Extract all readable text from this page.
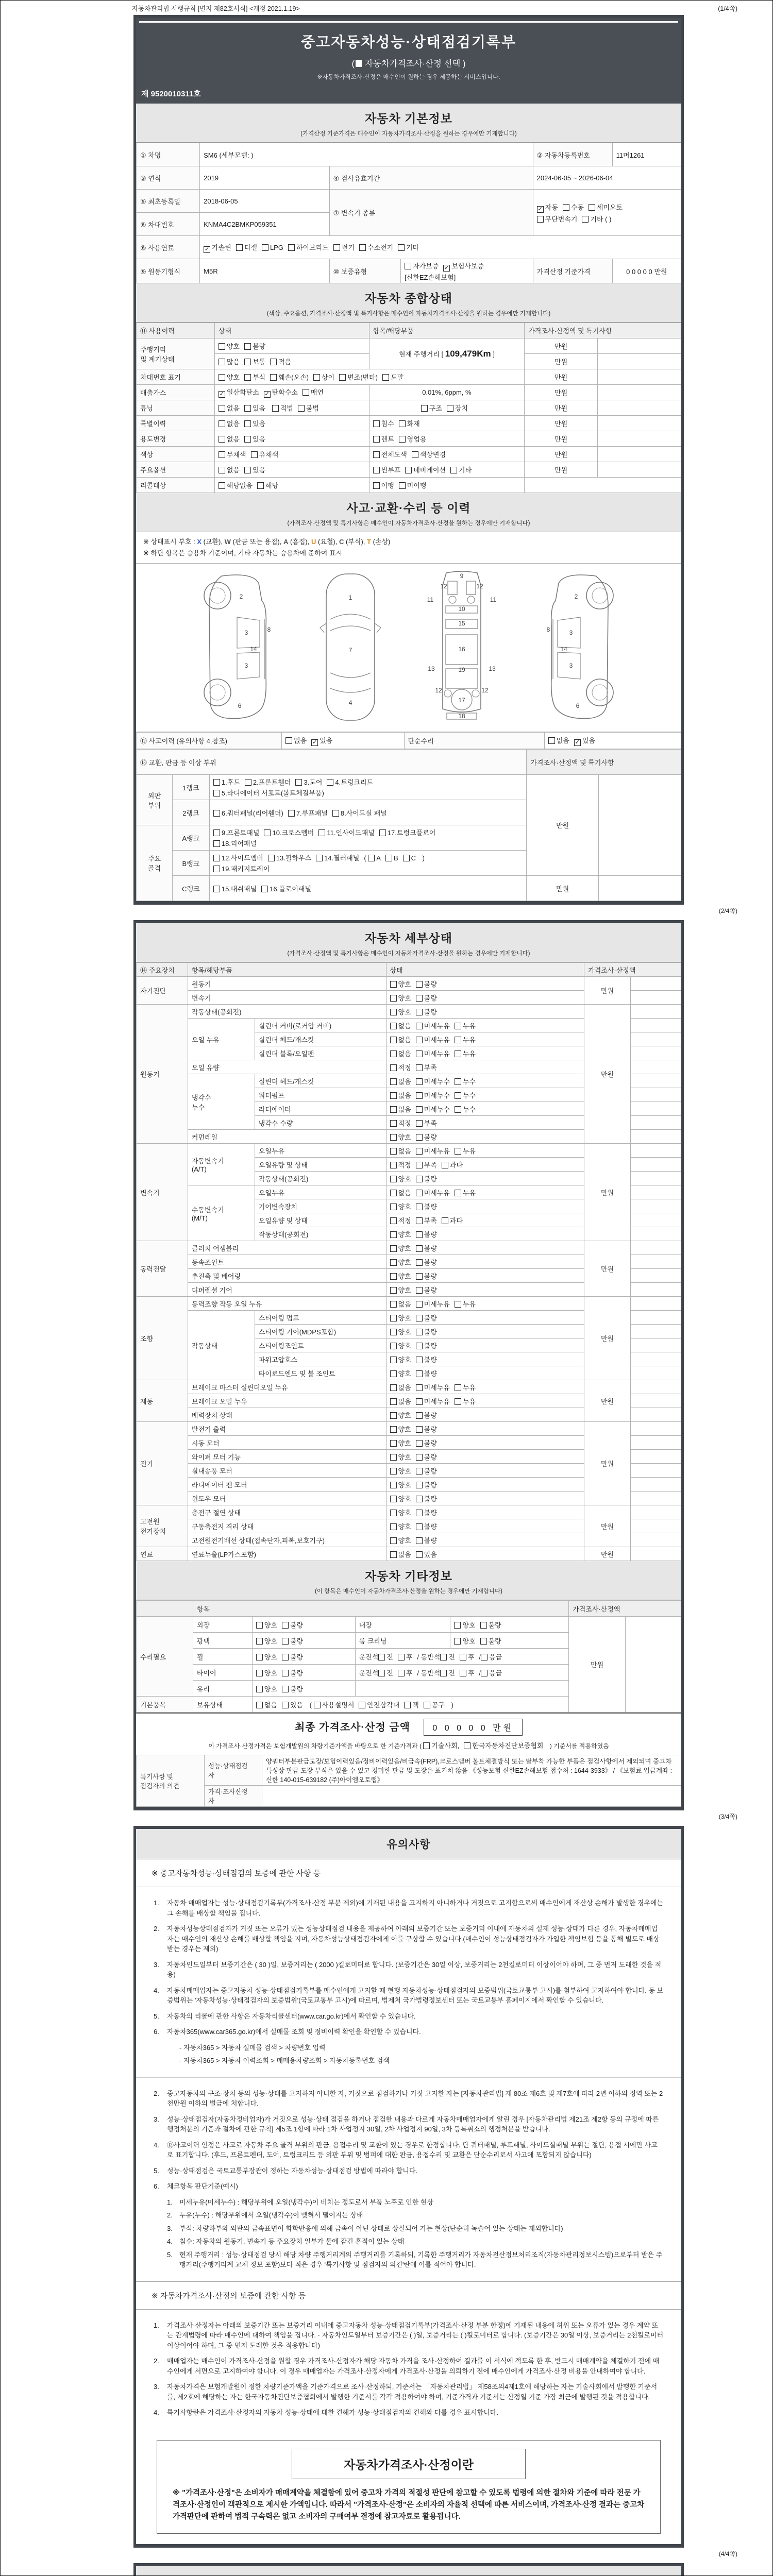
자동차관리법 시행규칙 [별지 제82호서식] <개정 2021.1.19>	(1/4쪽)
중고자동차성능·상태점검기록부
( 자동차가격조사·산정 선택 )
※자동차가격조사·산정은 매수인이 원하는 경우 제공하는 서비스입니다.
제 9520010311호
자동차 기본정보
(가격산정 기준가격은 매수인이 자동차가격조사·산정을 원하는 경우에만 기재합니다)
① 차명	SM6 (세부모델: )			② 자동차등록번호	11머1261
③ 연식	2019	④ 검사유효기간		2024-06-05 ~ 2026-06-04	
⑤ 최초등록일	2018-06-05	⑦ 변속기 종류		✓ 자동 수동 세미오토
무단변속기 기타 ( )	
⑥ 차대번호	KNMA4C2BMKP059351				
⑧ 사용연료	✓ 가솔린 디젤 LPG 하이브리드 전기 수소전기 기타				
⑨ 원동기형식	M5R	⑩ 보증유형	자가보증 ✓ 보험사보증[신한EZ손해보험]	가격산정 기준가격	0 0 0 0 0 만원
자동차 종합상태
(색상, 주요옵션, 가격조사·산정액 및 특기사항은 매수인이 자동차가격조사·산정을 원하는 경우에만 기재합니다)
⑪ 사용이력	상태	항목/해당부품	가격조사·산정액 및 특기사항	
주행거리
및 계기상태	양호 불량	현재 주행거리 [ 109,479Km ]	만원	
	많음 보통 적음		만원	
차대번호 표기	양호 부식 훼손(오손) 상이 변조(변타) 도말		만원	
배출가스	✓ 일산화탄소 ✓ 탄화수소 매연	0.01%, 6ppm, %	만원	
튜닝	없음 있음 적법 불법	구조 장치	만원	
특별이력	없음 있음	침수 화재	만원	
용도변경	없음 있음	렌트 영업용	만원	
색상	무채색 유채색	전체도색 색상변경	만원	
주요옵션	없음 있음	썬루프 네비게이션 기타	만원	
리콜대상	해당없음 해당	이행 미이행		
사고·교환·수리 등 이력
(가격조사·산정액 및 특기사항은 매수인이 자동차가격조사·산정을 원하는 경우에만 기재합니다)
※ 상태표시 부호 : X (교환), W (판금 또는 용접), A (흠집), U (요철), C (부식), T (손상)
※ 하단 항목은 승용차 기준이며, 기타 자동차는 승용차에 준하여 표시
2
3
14
3
8
6
1
7
4
9
12	12
11	11
10
15
16
13	13
19
12	12
17
18
2
3
14
3
8
6
⑫ 사고이력 (유의사항 4.참조)	없음 ✓ 있음	단순수리	없음 ✓ 있음
⑬ 교환, 판금 등 이상 부위			가격조사·산정액 및 특기사항	
외판
부위	1랭크	1.후드 2.프론트휀더 3.도어 4.트렁크리드
5.라디에이터 서포트(볼트체결부품)	만원	
	2랭크	6.쿼터패널(리어휀더) 7.루프패널 8.사이드실 패널		
주요
골격	A랭크	9.프론트패널 10.크로스멤버 11.인사이드패널 17.트렁크플로어
18.리어패널		
	B랭크	12.사이드멤버 13.휠하우스 14.필러패널 ( A B C )
19.패키지트레이		
	C랭크	15.대쉬패널 16.플로어패널	만원	
(2/4쪽)
자동차 세부상태
(가격조사·산정액 및 특기사항은 매수인이 자동차가격조사·산정을 원하는 경우에만 기재합니다)
⑭ 주요장치	항목/해당부품		상태	가격조사·산정액	
자기진단	원동기		양호 불량	만원	
	변속기		양호 불량		
원동기	작동상태(공회전)		양호 불량	만원	
	오일 누유	실린더 커버(로커암 커버)	없음 미세누유 누유		
		실린더 헤드/개스킷	없음 미세누유 누유		
		실린더 블록/오일팬	없음 미세누유 누유		
	오일 유량		적정 부족		
	냉각수
누수	실린더 헤드/개스킷	없음 미세누수 누수		
		워터펌프	없음 미세누수 누수		
		라디에이터	없음 미세누수 누수		
		냉각수 수량	적정 부족		
	커먼레일		양호 불량		
변속기	자동변속기
(A/T)	오일누유	없음 미세누유 누유	만원	
		오일유량 및 상태	적정 부족 과다		
		작동상태(공회전)	양호 불량		
	수동변속기
(M/T)	오일누유	없음 미세누유 누유		
		기어변속장치	양호 불량		
		오일유량 및 상태	적정 부족 과다		
		작동상태(공회전)	양호 불량		
동력전달	클러치 어셈블리		양호 불량	만원	
	등속조인트		양호 불량		
	추진축 및 베어링		양호 불량		
	디퍼렌셜 기어		양호 불량		
조향	동력조향 작동 오일 누유		없음 미세누유 누유	만원	
	작동상태	스티어링 펌프	양호 불량		
		스티어링 기어(MDPS포함)	양호 불량		
		스티어링조인트	양호 불량		
		파워고압호스	양호 불량		
		타이로드엔드 및 볼 조인트	양호 불량		
제동	브레이크 마스터 실린더오일 누유		없음 미세누유 누유	만원	
	브레이크 오일 누유		없음 미세누유 누유		
	배력장치 상태		양호 불량		
전기	발전기 출력		양호 불량	만원	
	시동 모터		양호 불량		
	와이퍼 모터 기능		양호 불량		
	실내송풍 모터		양호 불량		
	라디에이터 팬 모터		양호 불량		
	윈도우 모터		양호 불량		
고전원
전기장치	충전구 절연 상태		양호 불량	만원	
	구동축전지 격리 상태		양호 불량		
	고전원전기배선 상태(접속단자,피복,보호기구)		양호 불량		
연료	연료누출(LP가스포함)		없음 있음	만원	
자동차 기타정보
(이 항목은 매수인이 자동차가격조사·산정을 원하는 경우에만 기재합니다)
	항목				가격조사·산정액	
수리필요	외장	양호 불량	내장	양호 불량	만원	
	광택	양호 불량	룸 크리닝	양호 불량		
	휠	양호 불량	운전석 전 후 / 동반석 전 후 / 응급			
	타이어	양호 불량	운전석 전 후 / 동반석 전 후 / 응급			
	유리	양호 불량				
기본품목	보유상태	없음 있음 ( 사용설명서 안전삼각대 잭 공구 )				
최종 가격조사·산정 금액	0 0 0 0 0 만원
이 가격조사·산정가격은 보험개발원의 차량기준가액을 바탕으로 한 기준가격과 ( 기술사회, 한국자동차진단보증협회 ) 기준서를 적용하였음
특기사항 및
점검자의 의견	성능·상태점검
자	양쿼터부분판금도장/보험이력있음/정비이력있음/비금속(FRP),크로스멤버 볼트체결방식 또는 탈부착 가능한 부품은 점검사항에서 제외되며 중고차 특성상 판금 도장 부식은 있을 수 있고 경미한 판금 및 도장은 표기치 않음 《성능보험 신한EZ손해보험 접수처 : 1644-3933》 / 《보험료 입금계좌 : 신한 140-015-639182 (주)아이엠오토랩》
	가격·조사산정
자	
(3/4쪽)
유의사항
※ 중고자동차성능·상태점검의 보증에 관한 사항 등
1.	자동차 매매업자는 성능·상태점검기록부(가격조사·산정 부분 제외)에 기재된 내용을 고지하지 아니하거나 거짓으로 고지함으로써 매수인에게 재산상 손해가 발생한 경우에는 그 손해를 배상할 책임을 집니다.
2.	자동차성능상태점검자가 거짓 또는 오류가 있는 성능상태점검 내용을 제공하여 아래의 보증기간 또는 보증거리 이내에 자동차의 실제 성능·상태가 다른 경우, 자동차매매업자는 매수인의 재산상 손해를 배상할 책임을 지며, 자동차성능상태점검자에게 이를 구상할 수 있습니다.(매수인이 성능상태점검자가 가입한 책임보험 등을 통해 별도로 배상받는 경우는 제외)
3.	자동차인도일부터 보증기간은 ( 30 )일, 보증거리는 ( 2000 )킬로미터로 합니다. (보증기간은 30일 이상, 보증거리는 2천킬로미터 이상이어야 하며, 그 중 먼저 도래한 것을 적용)
4.	자동차매매업자는 중고자동차 성능·상태점검기록부를 매수인에게 고지할 때 현행 자동차성능·상태점검자의 보증범위(국토교통부 고시)를 첨부하여 고지하여야 합니다. 동 보증범위는 '자동차성능·상태점검자의 보증범위'(국토교통부 고시)에 따르며, 법제처 국가법령정보센터 또는 국토교통부 홈페이지에서 확인할 수 있습니다.
5.	자동차의 리콜에 관한 사항은 자동차리콜센터(www.car.go.kr)에서 확인할 수 있습니다.
6.	자동차365(www.car365.go.kr)에서 실매물 조회 및 정비이력 확인을 확인할 수 있습니다.
- 자동차365 > 자동차 실매물 검색 > 차량번호 입력
- 자동차365 > 자동차 이력조회 > 매매용차량조회 > 자동차등록번호 검색
2.	중고자동차의 구조·장치 등의 성능·상태를 고지하지 아니한 자, 거짓으로 점검하거나 거짓 고지한 자는 [자동차관리법] 제 80조 제6호 및 제7호에 따라 2년 이하의 징역 또는 2천만원 이하의 벌금에 처합니다.
3.	성능·상태점검자(자동차정비업자)가 거짓으로 성능·상태 점검을 하거나 점검한 내용과 다르게 자동차매매업자에게 알린 경우 [자동차관리법 제21조 제2항 등의 규정에 따른 행정처분의 기준과 절차에 관한 규칙] 제5조 1항에 따라 1차 사업정지 30일, 2차 사업정지 90일, 3차 등록취소의 행정처분을 받습니다.
4.	⑫사고이력 인정은 사고로 자동차 주요 골격 부위의 판금, 용접수리 및 교환이 있는 경우로 한정합니다. 단 쿼터패널, 루프패널, 사이드실패널 부위는 절단, 용접 시에만 사고로 표기합니다. (후드, 프론트펜더, 도어, 트렁크리드 등 외판 부위 및 범퍼에 대한 판금, 용접수리 및 교환은 단순수리로서 사고에 포함되지 않습니다)
5.	성능·상태점검은 국토교통부장관이 정하는 자동차성능·상태점검 방법에 따라야 합니다.
6.	체크항목 판단기준(예시)
1.	미세누유(미세누수) : 해당부위에 오일(냉각수)이 비치는 정도로서 부품 노후로 인한 현상
2.	누유(누수) : 해당부위에서 오일(냉각수)이 맺혀서 떨어지는 상태
3.	부식: 차량하부와 외판의 금속표면이 화학반응에 의해 금속이 아닌 상태로 상실되어 가는 현상(단순히 녹슬어 있는 상태는 제외합니다)
4.	침수: 자동차의 원동기, 변속기 등 주요장치 일부가 물에 잠긴 흔적이 있는 상태
5.	현재 주행거리 : 성능·상태점검 당시 해당 차량 주행거리계의 주행거리를 기록하되, 기록한 주행거리가 자동차전산정보처리조직(자동차관리정보시스템)으로부터 받은 주행거리(주행거리계 교체 정보 포함)보다 적은 경우 '특기사항 및 점검자의 의견'란에 이를 적어야 합니다.
※ 자동차가격조사·산정의 보증에 관한 사항 등
1.	가격조사·산정자는 아래의 보증기간 또는 보증거리 이내에 중고자동차 성능·상태점검기록부(가격조사·산정 부분 한정)에 기재된 내용에 허위 또는 오류가 있는 경우 계약 또는 관계법령에 따라 매수인에 대하여 책임을 집니다. · 자동차인도일부터 보증기간은 ( )일, 보증거리는 ( )킬로미터로 합니다. (보증기간은 30일 이상, 보증거리는 2천킬로미터 이상이어야 하며, 그 중 먼저 도래한 것을 적용합니다)
2.	매매업자는 매수인이 가격조사·산정을 원할 경우 가격조사·산정자가 해당 자동차 가격을 조사·산정하여 결과를 이 서식에 적도록 한 후, 반드시 매매계약을 체결하기 전에 매수인에게 서면으로 고지하여야 합니다. 이 경우 매매업자는 가격조사·산정자에게 가격조사·산정을 의뢰하기 전에 매수인에게 가격조사·산정 비용을 안내하여야 합니다.
3.	자동차가격은 보험개발원이 정한 차량기준가액을 기준가격으로 조사·산정하되, 기준서는 「자동차관리법」 제58조의4제1호에 해당하는 자는 기술사회에서 발행한 기준서를, 제2호에 해당하는 자는 한국자동차진단보증협회에서 발행한 기준서를 각각 적용하여야 하며, 기준가격과 기준서는 산정일 기준 가장 최근에 발행된 것을 적용합니다.
4.	특기사항란은 가격조사·산정자의 자동차 성능·상태에 대한 견해가 성능·상태점검자의 견해와 다를 경우 표시합니다.
자동차가격조사·산정이란
※ "가격조사·산정"은 소비자가 매매계약을 체결함에 있어 중고차 가격의 적절성 판단에 참고할 수 있도록 법령에 의한 절차와 기준에 따라 전문 가격조사·산정인이 객관적으로 제시한 가액입니다. 따라서 "가격조사·산정"은 소비자의 자율적 선택에 따른 서비스이며, 가격조사·산정 결과는 중고차 가격판단에 관하여 법적 구속력은 없고 소비자의 구매여부 결정에 참고자료로 활용됩니다.
(4/4쪽)
